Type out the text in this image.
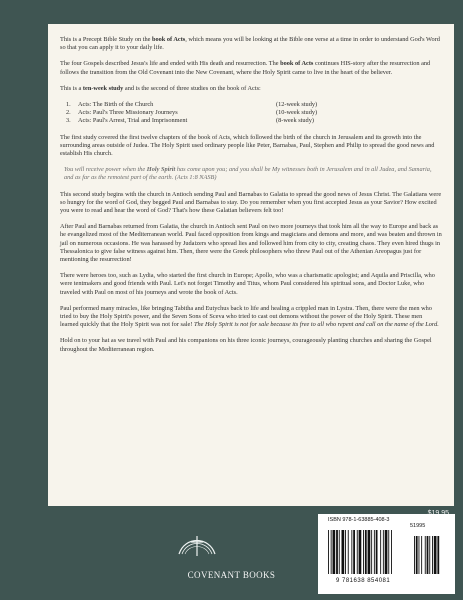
This is a Precept Bible Study on the book of Acts, which means you will be looking at the Bible one verse at a time in order to understand God's Word so that you can apply it to your daily life.

The four Gospels described Jesus's life and ended with His death and resurrection. The book of Acts continues HIS-story after the resurrection and follows the transition from the Old Covenant into the New Covenant, where the Holy Spirit came to live in the heart of the believer.

This is a ten-week study and is the second of three studies on the book of Acts:

1.	Acts: The Birth of the Church	(12-week study)
2.	Acts: Paul's Three Missionary Journeys	(10-week study)
3.	Acts: Paul's Arrest, Trial and Imprisonment	(8-week study)

The first study covered the first twelve chapters of the book of Acts, which followed the birth of the church in Jerusalem and its growth into the surrounding areas outside of Judea. The Holy Spirit used ordinary people like Peter, Barnabas, Paul, Stephen and Philip to spread the good news and establish His church.

You will receive power when the Holy Spirit has come upon you; and you shall be My witnesses both in Jerusalem and in all Judea, and Samaria, and as far as the remotest part of the earth. (Acts 1:8 NASB)

This second study begins with the church in Antioch sending Paul and Barnabas to Galatia to spread the good news of Jesus Christ. The Galatians were so hungry for the word of God, they begged Paul and Barnabas to stay. Do you remember when you first accepted Jesus as your Savior? How excited you were to read and hear the word of God? That's how these Galatian believers felt too!

After Paul and Barnabas returned from Galatia, the church in Antioch sent Paul on two more journeys that took him all the way to Europe and back as he evangelized most of the Mediterranean world. Paul faced opposition from kings and magicians and demons and more, and was beaten and thrown in jail on numerous occasions. He was harassed by Judaizers who spread lies and followed him from city to city, creating chaos. They even hired thugs in Thessalonica to give false witness against him. Then, there were the Greek philosophers who threw Paul out of the Athenian Areopagus just for mentioning the resurrection!

There were heroes too, such as Lydia, who started the first church in Europe; Apollo, who was a charismatic apologist; and Aquila and Priscilla, who were tentmakers and good friends with Paul. Let's not forget Timothy and Titus, whom Paul considered his spiritual sons, and Doctor Luke, who traveled with Paul on most of his journeys and wrote the book of Acts.

Paul performed many miracles, like bringing Tabitha and Eutychus back to life and healing a crippled man in Lystra. Then, there were the men who tried to buy the Holy Spirit's power, and the Seven Sons of Sceva who tried to cast out demons without the power of the Holy Spirit. These men learned quickly that the Holy Spirit was not for sale! The Holy Spirit is not for sale because its free to all who repent and call on the name of the Lord.

Hold on to your hat as we travel with Paul and his companions on his three iconic journeys, courageously planting churches and sharing the Gospel throughout the Mediterranean region.

COVENANT BOOKS
ISBN 978-1-63885-408-3
51995
9 781638 854081
